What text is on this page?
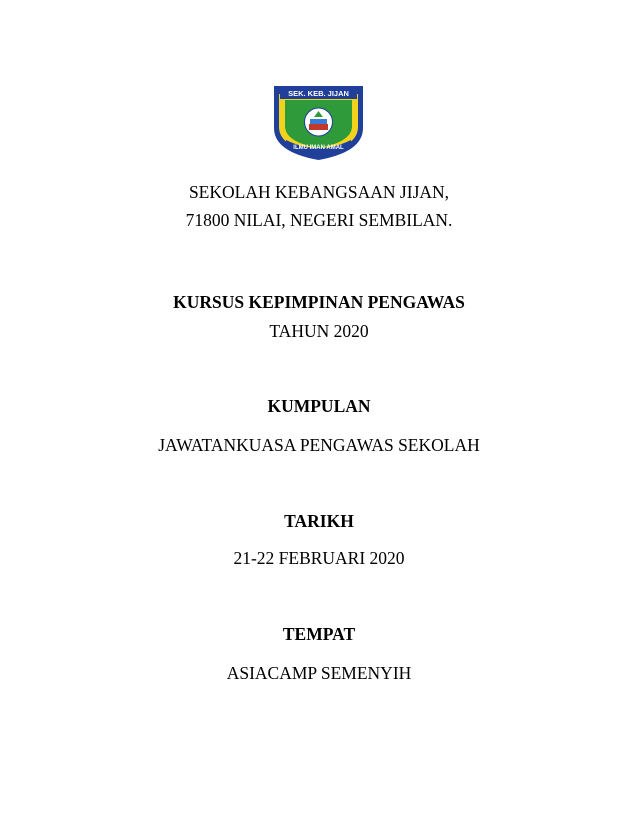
SEK. KEB. JIJAN
ILMU IMAN AMAL
SEKOLAH KEBANGSAAN JIJAN,
71800 NILAI, NEGERI SEMBILAN.
KURSUS KEPIMPINAN PENGAWAS
TAHUN 2020
KUMPULAN
JAWATANKUASA PENGAWAS SEKOLAH
TARIKH
21-22 FEBRUARI 2020
TEMPAT
ASIACAMP SEMENYIH
